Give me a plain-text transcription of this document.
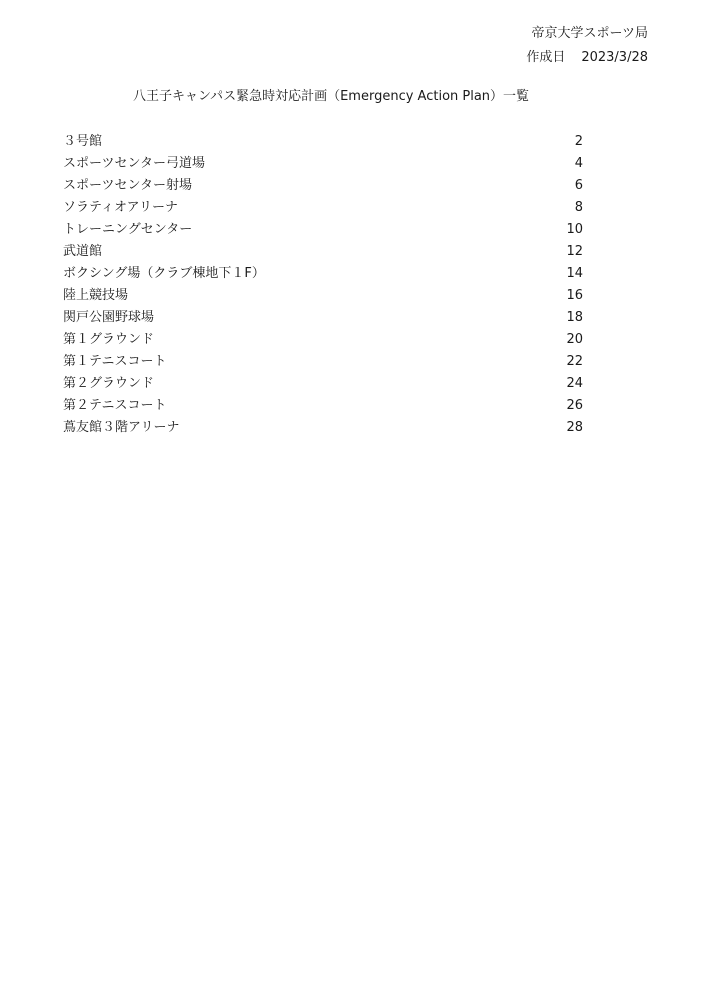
帝京大学スポーツ局
作成日 2023/3/28
八王子キャンパス緊急時対応計画（Emergency Action Plan）一覧
３号館	2
スポーツセンター弓道場	4
スポーツセンター射場	6
ソラティオアリーナ	8
トレーニングセンター	10
武道館	12
ボクシング場（クラブ棟地下１F）	14
陸上競技場	16
関戸公園野球場	18
第１グラウンド	20
第１テニスコート	22
第２グラウンド	24
第２テニスコート	26
蔦友館３階アリーナ	28
